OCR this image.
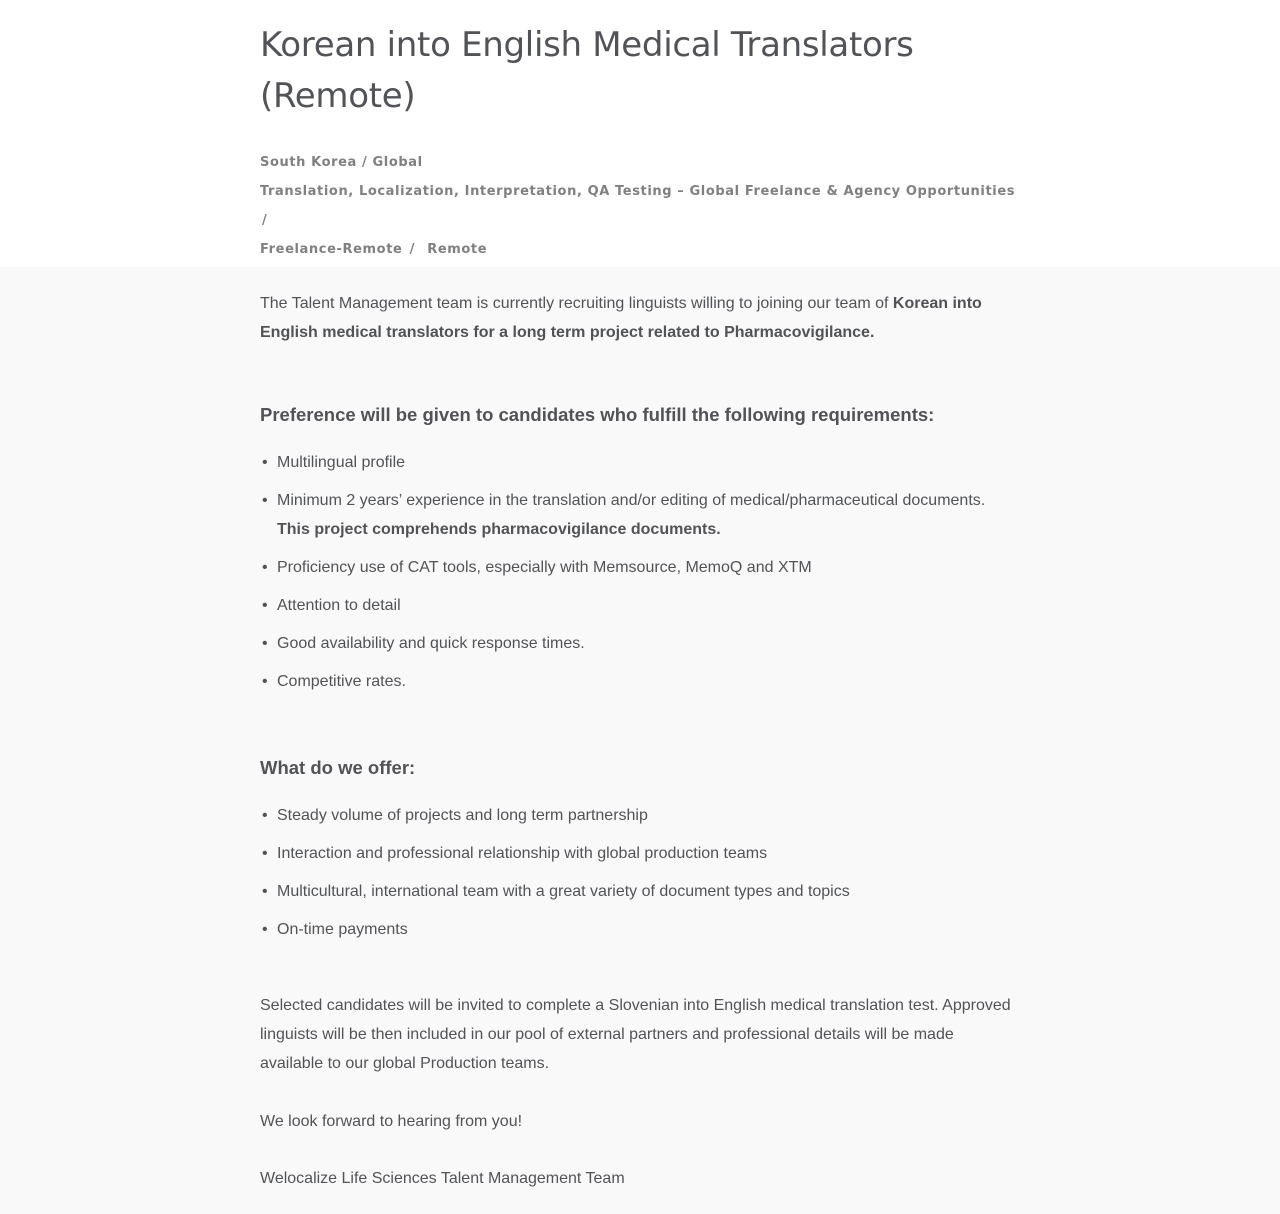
Korean into English Medical Translators (Remote)
South Korea / Global
Translation, Localization, Interpretation, QA Testing – Global Freelance & Agency Opportunities /
Freelance-Remote / Remote

The Talent Management team is currently recruiting linguists willing to joining our team of Korean into English medical translators for a long term project related to Pharmacovigilance.

Preference will be given to candidates who fulfill the following requirements:
• Multilingual profile
• Minimum 2 years’ experience in the translation and/or editing of medical/pharmaceutical documents. This project comprehends pharmacovigilance documents.
• Proficiency use of CAT tools, especially with Memsource, MemoQ and XTM
• Attention to detail
• Good availability and quick response times.
• Competitive rates.
What do we offer:
• Steady volume of projects and long term partnership
• Interaction and professional relationship with global production teams
• Multicultural, international team with a great variety of document types and topics
• On-time payments

Selected candidates will be invited to complete a Slovenian into English medical translation test. Approved linguists will be then included in our pool of external partners and professional details will be made available to our global Production teams.

We look forward to hearing from you!

Welocalize Life Sciences Talent Management Team
